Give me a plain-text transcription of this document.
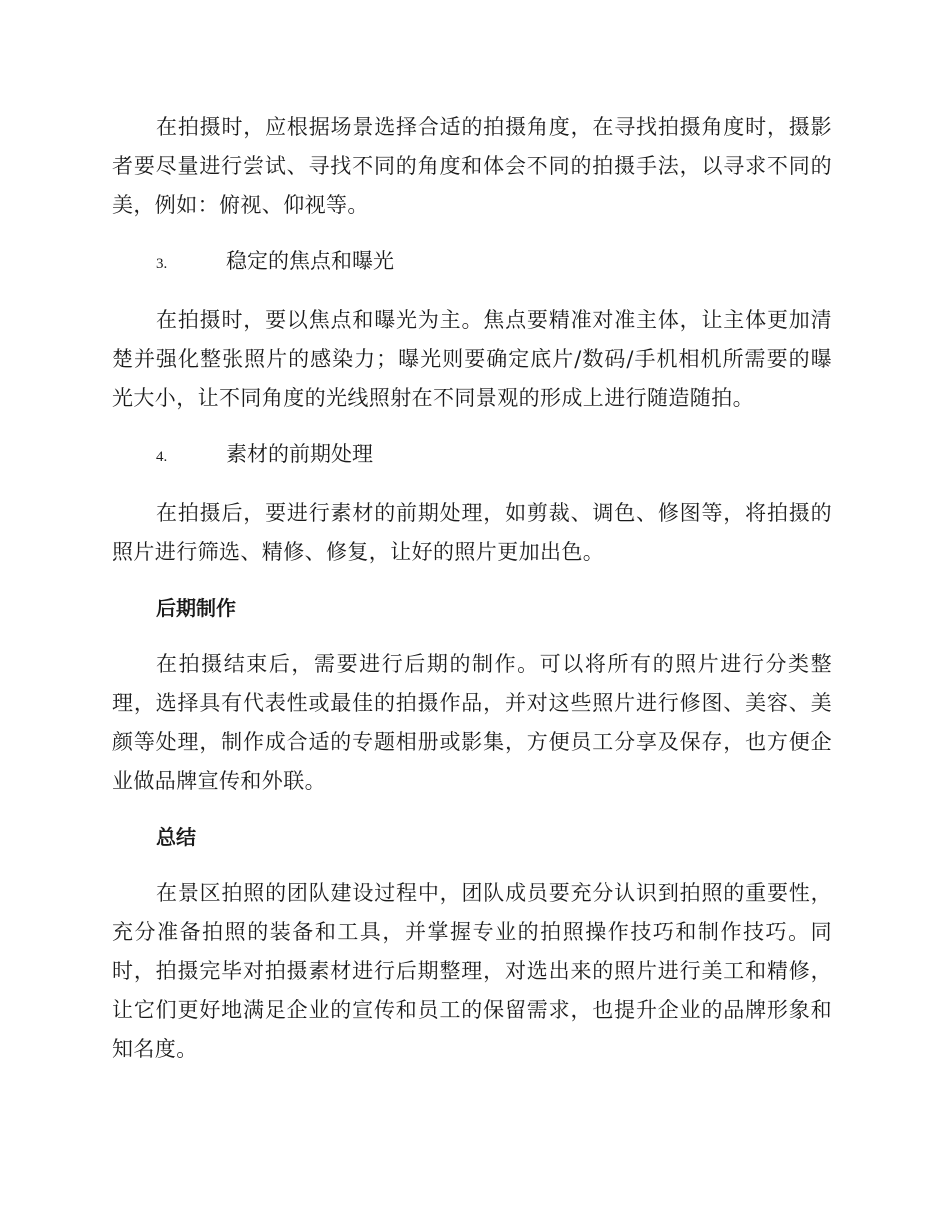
在拍摄时，应根据场景选择合适的拍摄角度，在寻找拍摄角度时，摄影者要尽量进行尝试、寻找不同的角度和体会不同的拍摄手法，以寻求不同的美，例如：俯视、仰视等。

3.	稳定的焦点和曝光

在拍摄时，要以焦点和曝光为主。焦点要精准对准主体，让主体更加清楚并强化整张照片的感染力；曝光则要确定底片/数码/手机相机所需要的曝光大小，让不同角度的光线照射在不同景观的形成上进行随造随拍。

4.	素材的前期处理

在拍摄后，要进行素材的前期处理，如剪裁、调色、修图等，将拍摄的照片进行筛选、精修、修复，让好的照片更加出色。

后期制作

在拍摄结束后，需要进行后期的制作。可以将所有的照片进行分类整理，选择具有代表性或最佳的拍摄作品，并对这些照片进行修图、美容、美颜等处理，制作成合适的专题相册或影集，方便员工分享及保存，也方便企业做品牌宣传和外联。

总结

在景区拍照的团队建设过程中，团队成员要充分认识到拍照的重要性，充分准备拍照的装备和工具，并掌握专业的拍照操作技巧和制作技巧。同时，拍摄完毕对拍摄素材进行后期整理，对选出来的照片进行美工和精修，让它们更好地满足企业的宣传和员工的保留需求，也提升企业的品牌形象和知名度。
